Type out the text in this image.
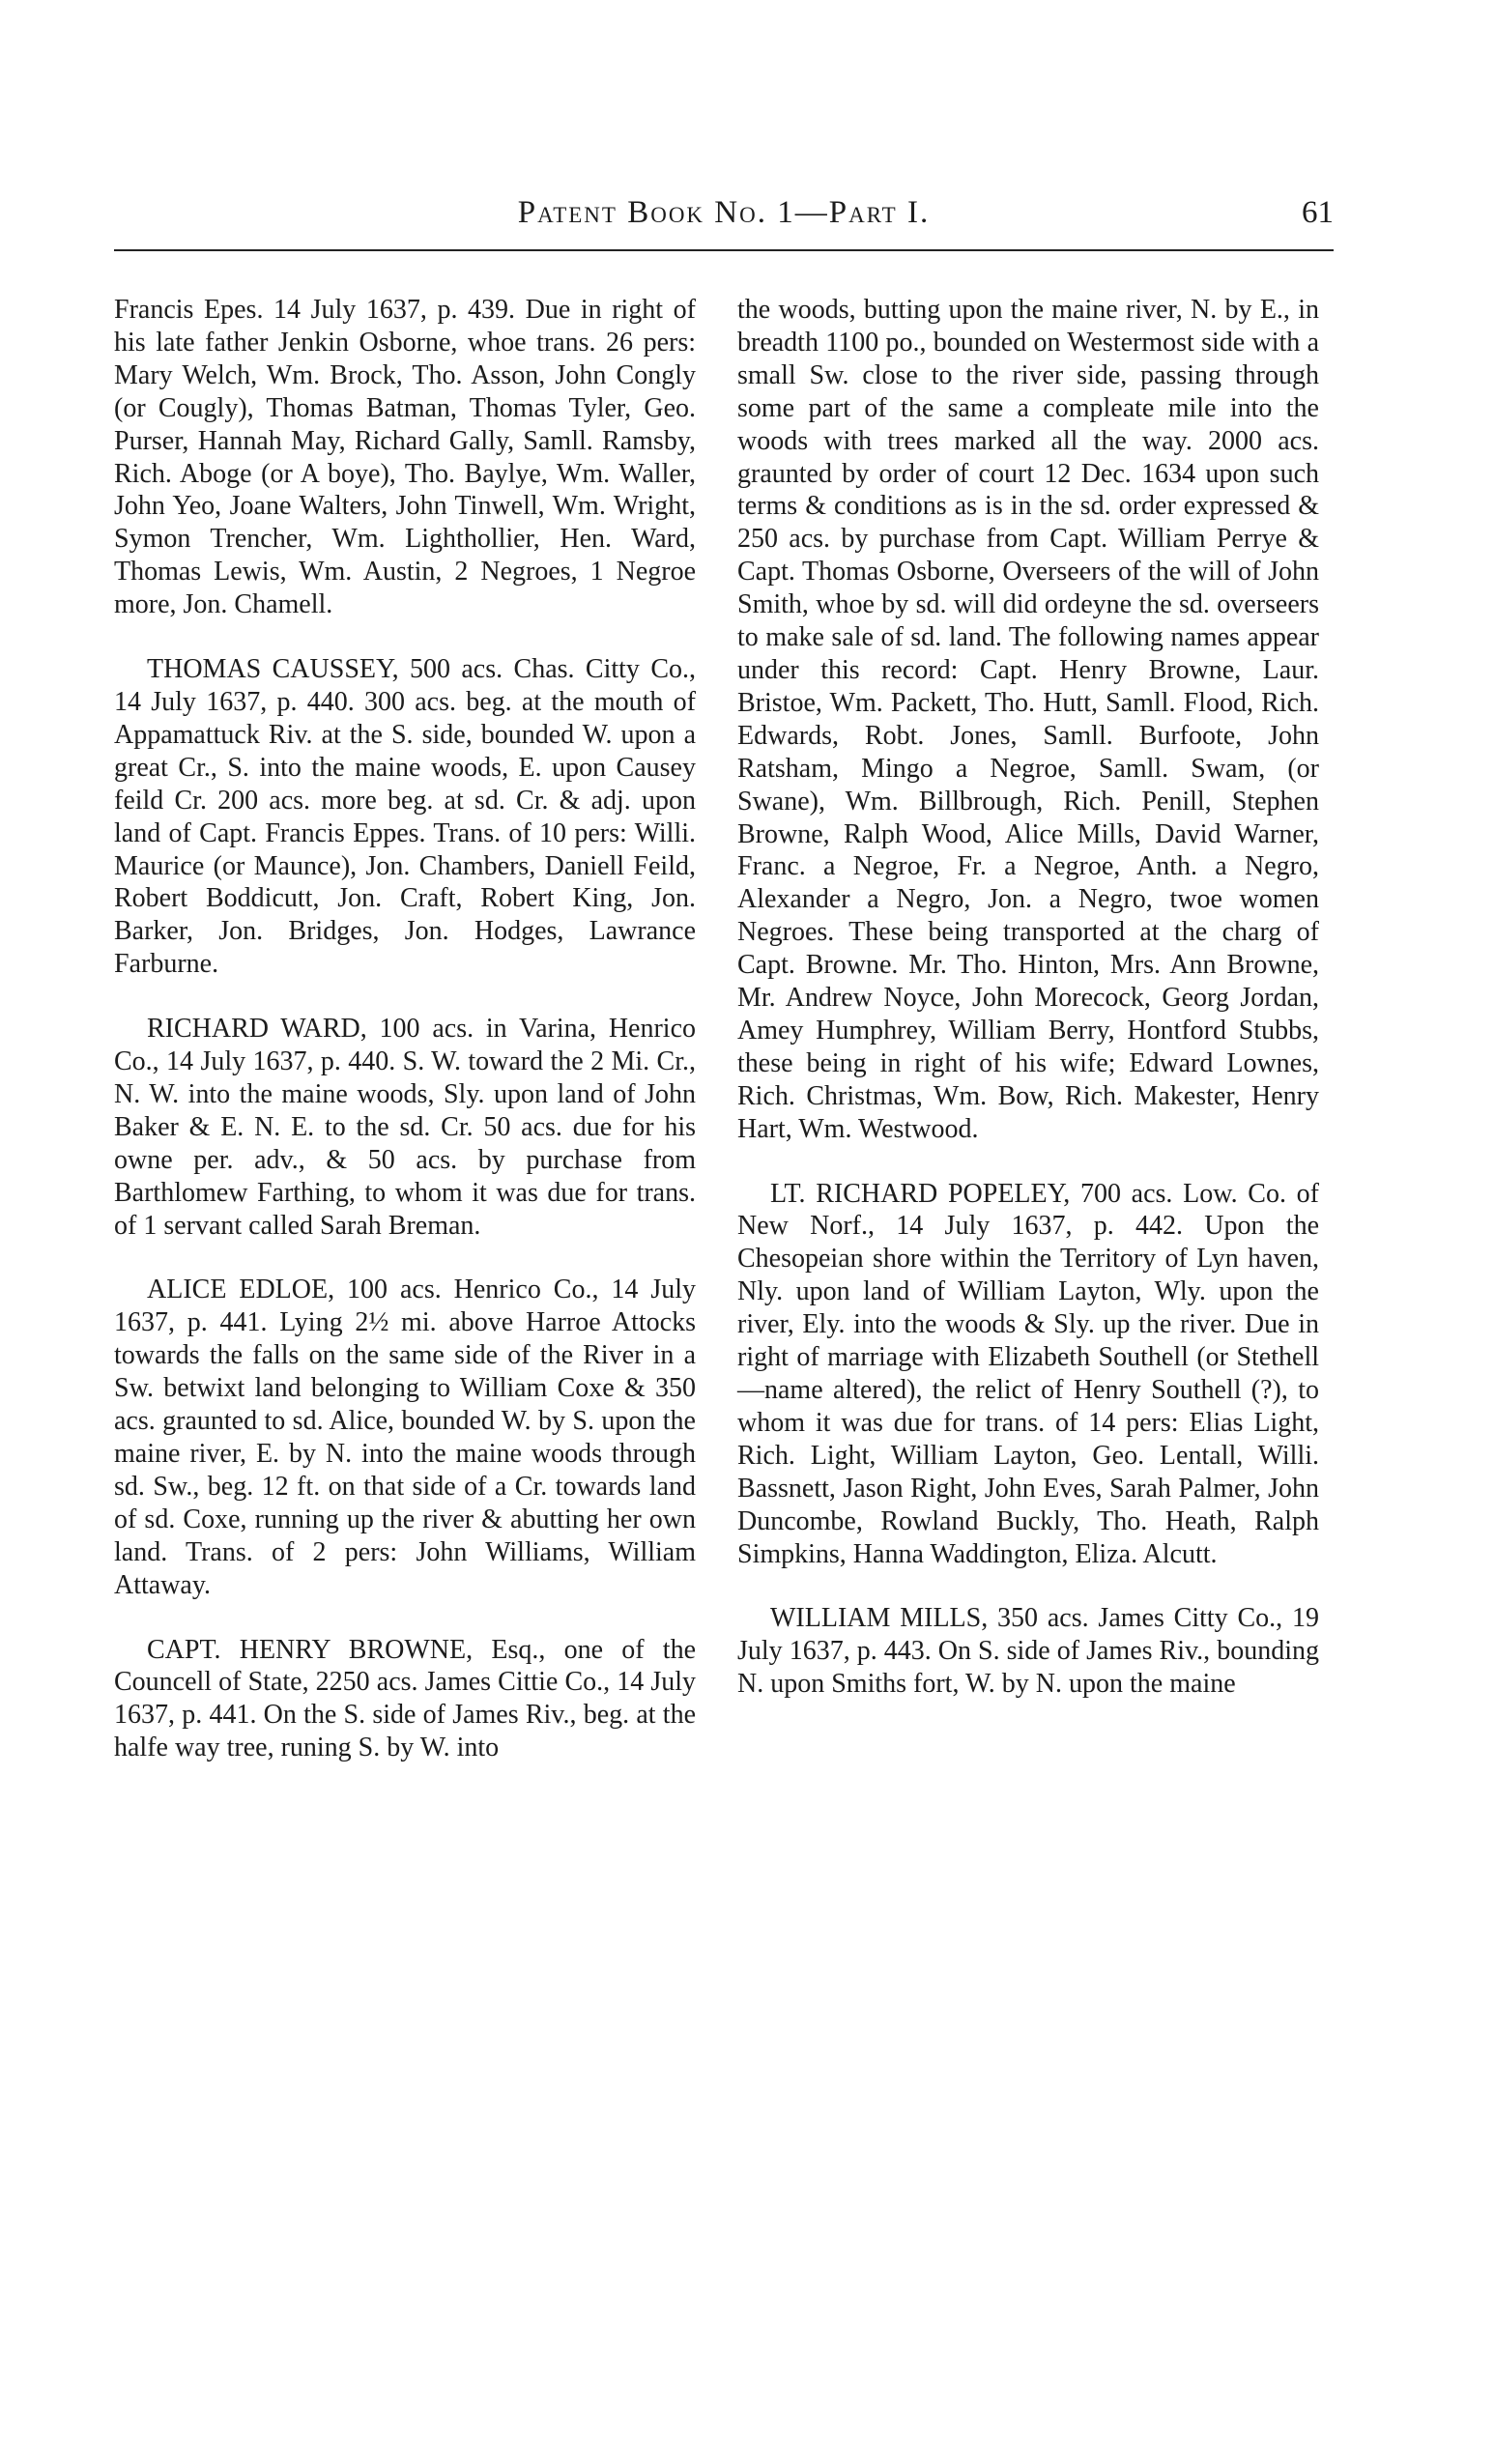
Patent Book No. 1—Part I.	61

Francis Epes. 14 July 1637, p. 439. Due in right of his late father Jenkin Osborne, whoe trans. 26 pers: Mary Welch, Wm. Brock, Tho. Asson, John Congly (or Cougly), Thomas Batman, Thomas Tyler, Geo. Purser, Hannah May, Richard Gally, Samll. Ramsby, Rich. Aboge (or A boye), Tho. Baylye, Wm. Waller, John Yeo, Joane Walters, John Tinwell, Wm. Wright, Symon Trencher, Wm. Lighthollier, Hen. Ward, Thomas Lewis, Wm. Austin, 2 Negroes, 1 Negroe more, Jon. Chamell.

THOMAS CAUSSEY, 500 acs. Chas. Citty Co., 14 July 1637, p. 440. 300 acs. beg. at the mouth of Appamattuck Riv. at the S. side, bounded W. upon a great Cr., S. into the maine woods, E. upon Causey feild Cr. 200 acs. more beg. at sd. Cr. & adj. upon land of Capt. Francis Eppes. Trans. of 10 pers: Willi. Maurice (or Maunce), Jon. Chambers, Daniell Feild, Robert Boddicutt, Jon. Craft, Robert King, Jon. Barker, Jon. Bridges, Jon. Hodges, Lawrance Farburne.

RICHARD WARD, 100 acs. in Varina, Henrico Co., 14 July 1637, p. 440. S. W. toward the 2 Mi. Cr., N. W. into the maine woods, Sly. upon land of John Baker & E. N. E. to the sd. Cr. 50 acs. due for his owne per. adv., & 50 acs. by purchase from Barthlomew Farthing, to whom it was due for trans. of 1 servant called Sarah Breman.

ALICE EDLOE, 100 acs. Henrico Co., 14 July 1637, p. 441. Lying 2½ mi. above Harroe Attocks towards the falls on the same side of the River in a Sw. betwixt land belonging to William Coxe & 350 acs. graunted to sd. Alice, bounded W. by S. upon the maine river, E. by N. into the maine woods through sd. Sw., beg. 12 ft. on that side of a Cr. towards land of sd. Coxe, running up the river & abutting her own land. Trans. of 2 pers: John Williams, William Attaway.

CAPT. HENRY BROWNE, Esq., one of the Councell of State, 2250 acs. James Cittie Co., 14 July 1637, p. 441. On the S. side of James Riv., beg. at the halfe way tree, runing S. by W. into

the woods, butting upon the maine river, N. by E., in breadth 1100 po., bounded on Westermost side with a small Sw. close to the river side, passing through some part of the same a compleate mile into the woods with trees marked all the way. 2000 acs. graunted by order of court 12 Dec. 1634 upon such terms & conditions as is in the sd. order expressed & 250 acs. by purchase from Capt. William Perrye & Capt. Thomas Osborne, Overseers of the will of John Smith, whoe by sd. will did ordeyne the sd. overseers to make sale of sd. land. The following names appear under this record: Capt. Henry Browne, Laur. Bristoe, Wm. Packett, Tho. Hutt, Samll. Flood, Rich. Edwards, Robt. Jones, Samll. Burfoote, John Ratsham, Mingo a Negroe, Samll. Swam, (or Swane), Wm. Billbrough, Rich. Penill, Stephen Browne, Ralph Wood, Alice Mills, David Warner, Franc. a Negroe, Fr. a Negroe, Anth. a Negro, Alexander a Negro, Jon. a Negro, twoe women Negroes. These being transported at the charg of Capt. Browne. Mr. Tho. Hinton, Mrs. Ann Browne, Mr. Andrew Noyce, John Morecock, Georg Jordan, Amey Humphrey, William Berry, Hontford Stubbs, these being in right of his wife; Edward Lownes, Rich. Christmas, Wm. Bow, Rich. Makester, Henry Hart, Wm. Westwood.

LT. RICHARD POPELEY, 700 acs. Low. Co. of New Norf., 14 July 1637, p. 442. Upon the Chesopeian shore within the Territory of Lyn haven, Nly. upon land of William Layton, Wly. upon the river, Ely. into the woods & Sly. up the river. Due in right of marriage with Elizabeth Southell (or Stethell—name altered), the relict of Henry Southell (?), to whom it was due for trans. of 14 pers: Elias Light, Rich. Light, William Layton, Geo. Lentall, Willi. Bassnett, Jason Right, John Eves, Sarah Palmer, John Duncombe, Rowland Buckly, Tho. Heath, Ralph Simpkins, Hanna Waddington, Eliza. Alcutt.

WILLIAM MILLS, 350 acs. James Citty Co., 19 July 1637, p. 443. On S. side of James Riv., bounding N. upon Smiths fort, W. by N. upon the maine
